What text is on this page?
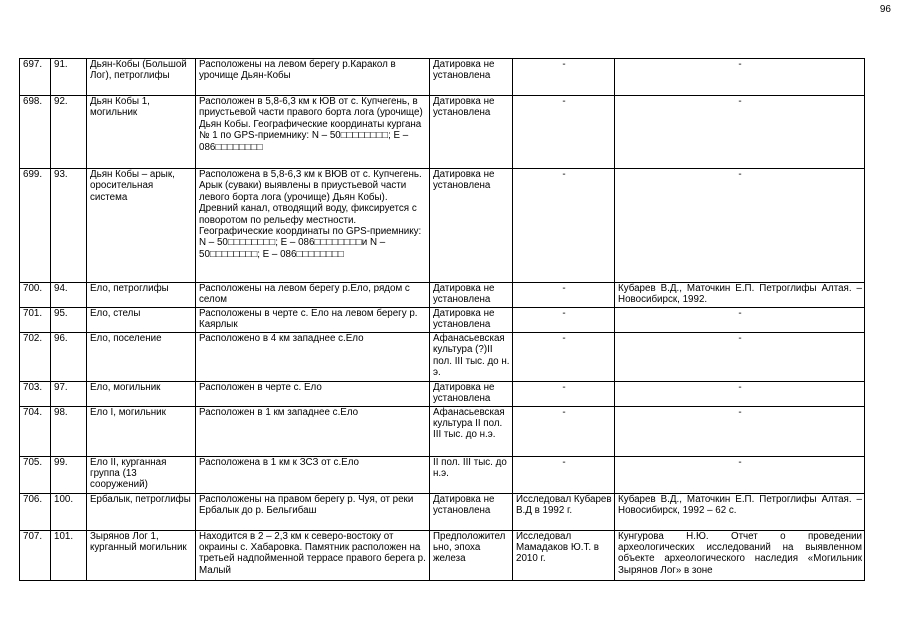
96
697.	91.	Дьян-Кобы (Большой Лог), петроглифы	Расположены на левом берегу р.Каракол в урочище Дьян-Кобы	Датировка не установлена	-	-
698.	92.	Дьян Кобы 1, могильник	Расположен в 5,8-6,3 км к ЮВ от с. Купчегень, в приустьевой части правого борта лога (урочище) Дьян Кобы. Географические координаты кургана № 1 по GPS-приемнику: N – 50□□□□□□□□; E – 086□□□□□□□□	Датировка не установлена	-	-
699.	93.	Дьян Кобы – арык, оросительная система	Расположена в 5,8-6,3 км к ВЮВ от с. Купчегень. Арык (суваки) выявлены в приустьевой части левого борта лога (урочище) Дьян Кобы). Древний канал, отводящий воду, фиксируется с поворотом по рельефу местности. Географические координаты по GPS-приемнику: N – 50□□□□□□□□; E – 086□□□□□□□□и N – 50□□□□□□□□; E – 086□□□□□□□□	Датировка не установлена	-	-
700.	94.	Ело, петроглифы	Расположены на левом берегу р.Ело, рядом с селом	Датировка не установлена	-	Кубарев В.Д., Маточкин Е.П. Петроглифы Алтая. – Новосибирск, 1992.
701.	95.	Ело, стелы	Расположены в черте с. Ело на левом берегу р. Каярлык	Датировка не установлена	-	-
702.	96.	Ело, поселение	Расположено в 4 км западнее с.Ело	Афанасьевская культура (?)II пол. III тыс. до н. э.	-	-
703.	97.	Ело, могильник	Расположен в черте с. Ело	Датировка не установлена	-	-
704.	98.	Ело I, могильник	Расположен в 1 км западнее с.Ело	Афанасьевская культура II пол. III тыс. до н.э.	-	-
705.	99.	Ело II, курганная группа (13 сооружений)	Расположена в 1 км к ЗСЗ от с.Ело	II пол. III тыс. до н.э.	-	-
706.	100.	Ербалык, петроглифы	Расположены на правом берегу р. Чуя, от реки Ербалык до р. Бельгибаш	Датировка не установлена	Исследовал Кубарев В.Д в 1992 г.	Кубарев В.Д., Маточкин Е.П. Петроглифы Алтая. – Новосибирск, 1992 – 62 с.
707.	101.	Зырянов Лог 1, курганный могильник	Находится в 2 – 2,3 км к северо-востоку от окраины с. Хабаровка. Памятник расположен на третьей надпойменной террасе правого берега р. Малый	Предположительно, эпоха железа	Исследовал Мамадаков Ю.Т. в 2010 г.	Кунгурова Н.Ю. Отчет о проведении археологических исследований на выявленном объекте археологического наследия «Могильник Зырянов Лог» в зоне
